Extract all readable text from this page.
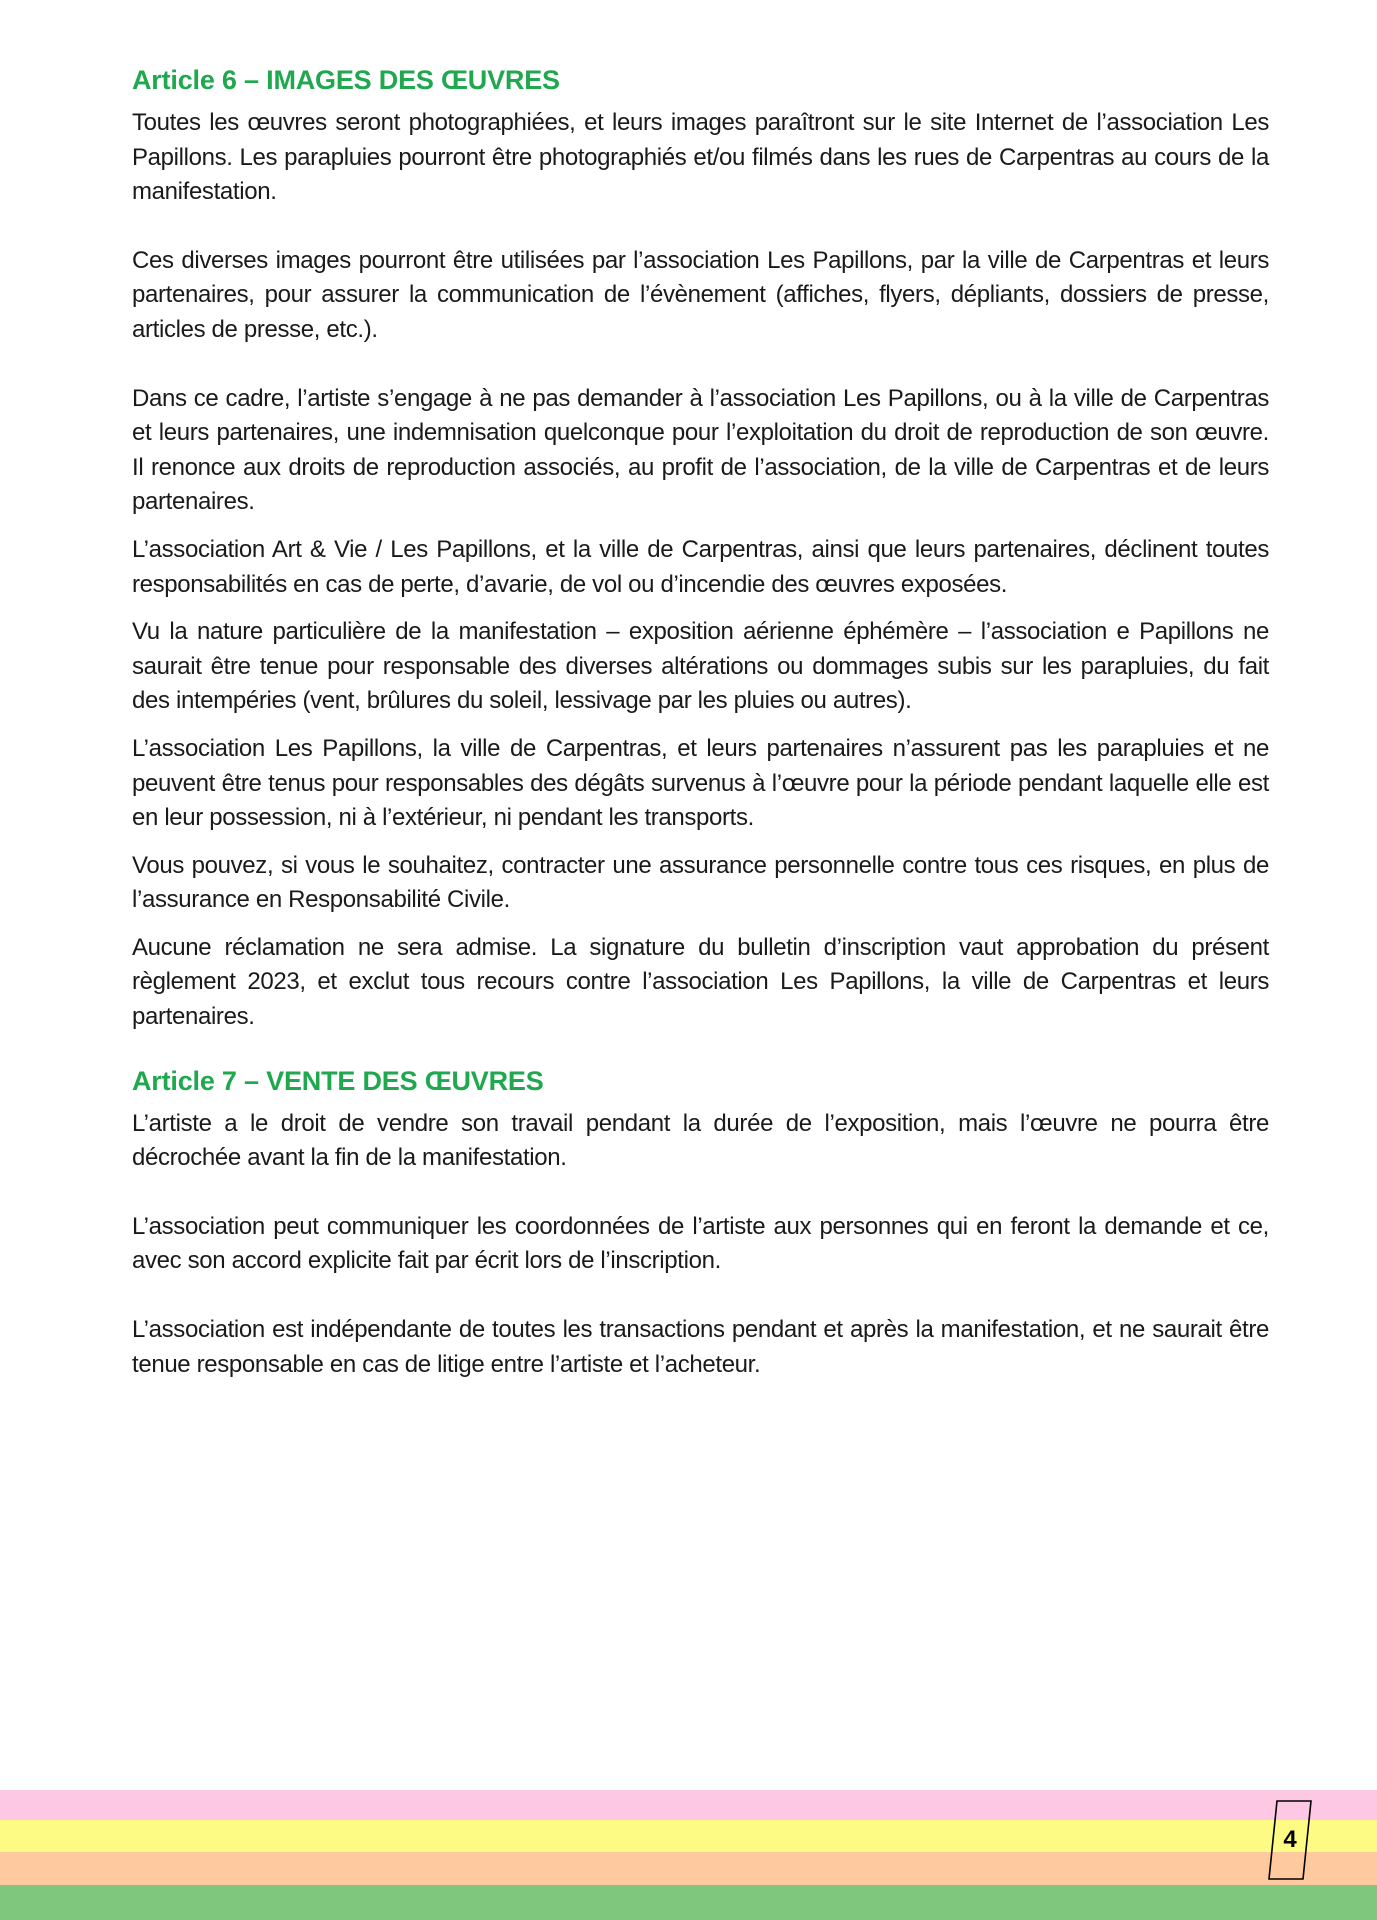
Article 6 – IMAGES DES ŒUVRES

Toutes les œuvres seront photographiées, et leurs images paraîtront sur le site Internet de l’association Les Papillons. Les parapluies pourront être photographiés et/ou filmés dans les rues de Carpentras au cours de la manifestation.

Ces diverses images pourront être utilisées par l’association Les Papillons, par la ville de Carpentras et leurs partenaires, pour assurer la communication de l’évènement (affiches, flyers, dépliants, dossiers de presse, articles de presse, etc.).

Dans ce cadre, l’artiste s’engage à ne pas demander à l’association Les Papillons, ou à la ville de Carpentras et leurs partenaires, une indemnisation quelconque pour l’exploitation du droit de reproduction de son œuvre. Il renonce aux droits de reproduction associés, au profit de l’association, de la ville de Carpentras et de leurs partenaires.

L’association Art & Vie / Les Papillons, et la ville de Carpentras, ainsi que leurs partenaires, déclinent toutes responsabilités en cas de perte, d’avarie, de vol ou d’incendie des œuvres exposées.

Vu la nature particulière de la manifestation – exposition aérienne éphémère – l’association e Papillons ne saurait être tenue pour responsable des diverses altérations ou dommages subis sur les parapluies, du fait des intempéries (vent, brûlures du soleil, lessivage par les pluies ou autres).

L’association Les Papillons, la ville de Carpentras, et leurs partenaires n’assurent pas les parapluies et ne peuvent être tenus pour responsables des dégâts survenus à l’œuvre pour la période pendant laquelle elle est en leur possession, ni à l’extérieur, ni pendant les transports.

Vous pouvez, si vous le souhaitez, contracter une assurance personnelle contre tous ces risques, en plus de l’assurance en Responsabilité Civile.

Aucune réclamation ne sera admise. La signature du bulletin d’inscription vaut approbation du présent règlement 2023, et exclut tous recours contre l’association Les Papillons, la ville de Carpentras et leurs partenaires.

Article 7 – VENTE DES ŒUVRES

L’artiste a le droit de vendre son travail pendant la durée de l’exposition, mais l’œuvre ne pourra être décrochée avant la fin de la manifestation.

L’association peut communiquer les coordonnées de l’artiste aux personnes qui en feront la demande et ce, avec son accord explicite fait par écrit lors de l’inscription.

L’association est indépendante de toutes les transactions pendant et après la manifestation, et ne saurait être tenue responsable en cas de litige entre l’artiste et l’acheteur.

4
